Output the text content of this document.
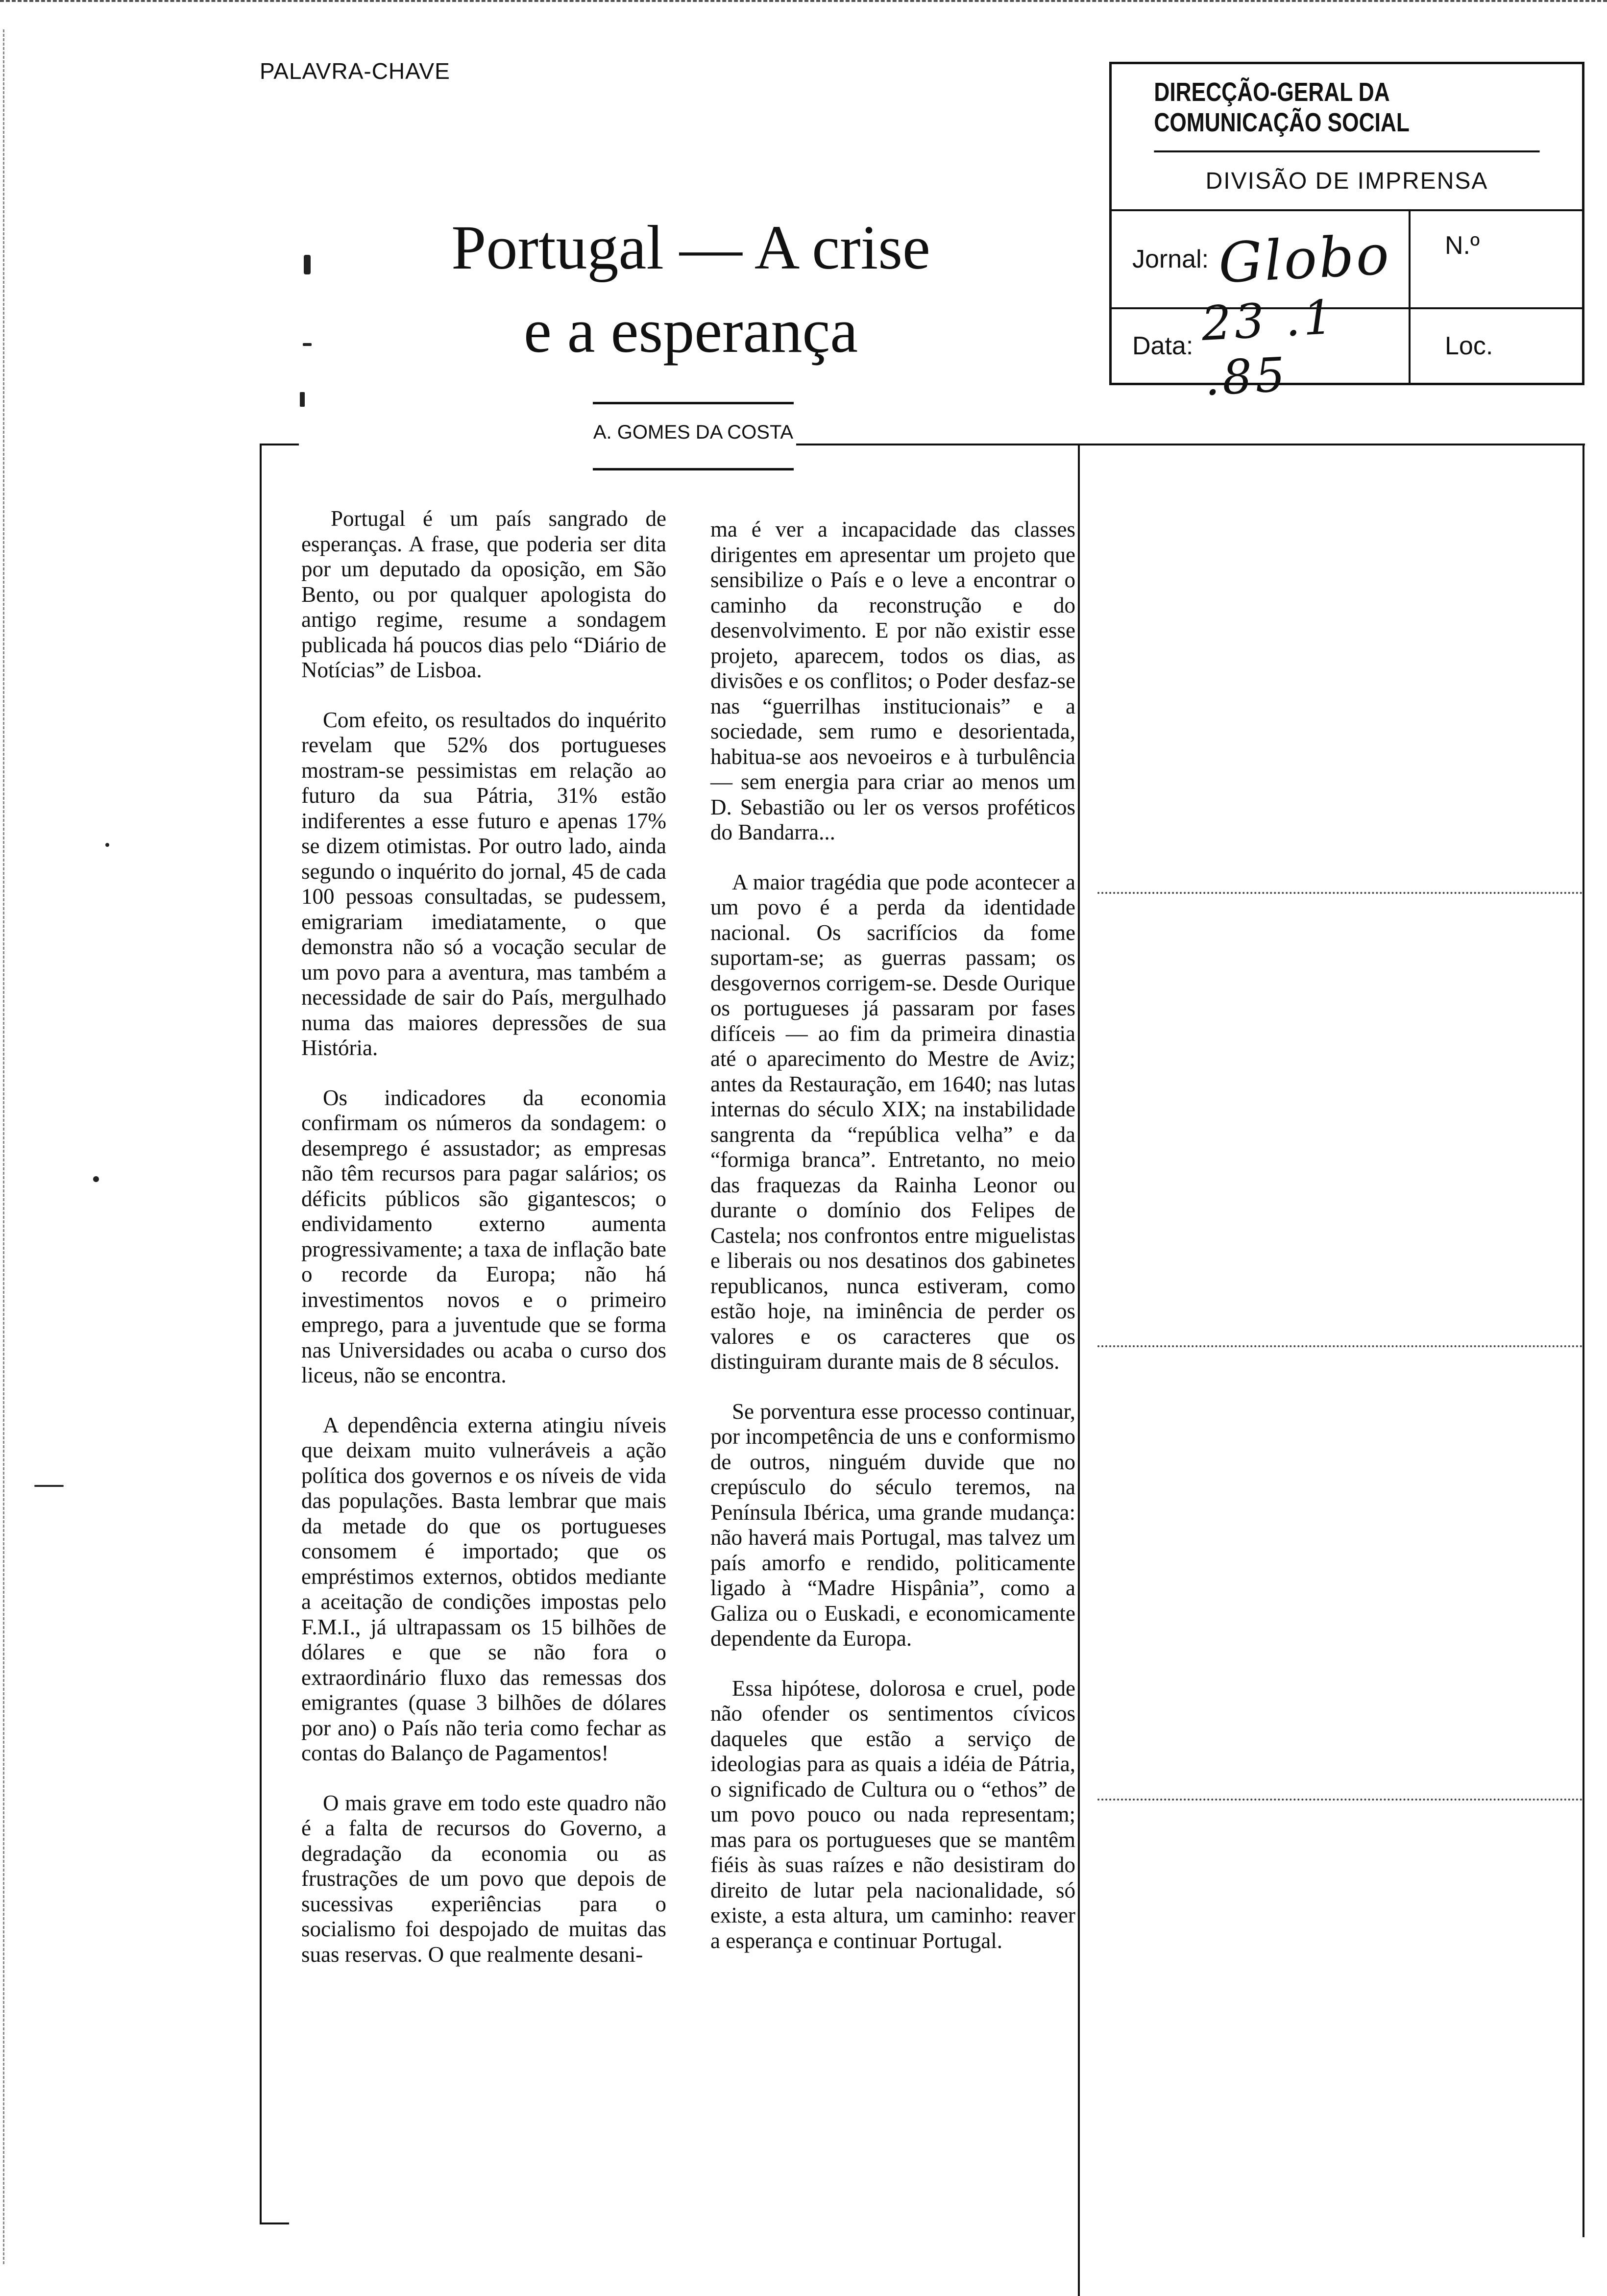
PALAVRA-CHAVE
DIRECÇÃO-GERAL DA COMUNICAÇÃO SOCIAL
DIVISÃO DE IMPRENSA
Jornal: Globo	N.º
Data: 23 .1 .85
Loc.
Portugal — A crise
e a esperança
A. GOMES DA COSTA

Portugal é um país sangrado de esperanças. A frase, que poderia ser dita por um deputado da oposição, em São Bento, ou por qualquer apologista do antigo regime, resume a sondagem publicada há poucos dias pelo “Diário de Notícias” de Lisboa.

Com efeito, os resultados do inquérito revelam que 52% dos portugueses mostram-se pessimistas em relação ao futuro da sua Pátria, 31% estão indiferentes a esse futuro e apenas 17% se dizem otimistas. Por outro lado, ainda segundo o inquérito do jornal, 45 de cada 100 pessoas consultadas, se pudessem, emigrariam imediatamente, o que demonstra não só a vocação secular de um povo para a aventura, mas também a necessidade de sair do País, mergulhado numa das maiores depressões de sua História.

Os indicadores da economia confirmam os números da sondagem: o desemprego é assustador; as empresas não têm recursos para pagar salários; os déficits públicos são gigantescos; o endividamento externo aumenta progressivamente; a taxa de inflação bate o recorde da Europa; não há investimentos novos e o primeiro emprego, para a juventude que se forma nas Universidades ou acaba o curso dos liceus, não se encontra.

A dependência externa atingiu níveis que deixam muito vulneráveis a ação política dos governos e os níveis de vida das populações. Basta lembrar que mais da metade do que os portugueses consomem é importado; que os empréstimos externos, obtidos mediante a aceitação de condições impostas pelo F.M.I., já ultrapassam os 15 bilhões de dólares e que se não fora o extraordinário fluxo das remessas dos emigrantes (quase 3 bilhões de dólares por ano) o País não teria como fechar as contas do Balanço de Pagamentos!

O mais grave em todo este quadro não é a falta de recursos do Governo, a degradação da economia ou as frustrações de um povo que depois de sucessivas experiências para o socialismo foi despojado de muitas das suas reservas. O que realmente desani-

ma é ver a incapacidade das classes dirigentes em apresentar um projeto que sensibilize o País e o leve a encontrar o caminho da reconstrução e do desenvolvimento. E por não existir esse projeto, aparecem, todos os dias, as divisões e os conflitos; o Poder desfaz-se nas “guerrilhas institucionais” e a sociedade, sem rumo e desorientada, habitua-se aos nevoeiros e à turbulência — sem energia para criar ao menos um D. Sebastião ou ler os versos proféticos do Bandarra...

A maior tragédia que pode acontecer a um povo é a perda da identidade nacional. Os sacrifícios da fome suportam-se; as guerras passam; os desgovernos corrigem-se. Desde Ourique os portugueses já passaram por fases difíceis — ao fim da primeira dinastia até o aparecimento do Mestre de Aviz; antes da Restauração, em 1640; nas lutas internas do século XIX; na instabilidade sangrenta da “república velha” e da “formiga branca”. Entretanto, no meio das fraquezas da Rainha Leonor ou durante o domínio dos Felipes de Castela; nos confrontos entre miguelistas e liberais ou nos desatinos dos gabinetes republicanos, nunca estiveram, como estão hoje, na iminência de perder os valores e os caracteres que os distinguiram durante mais de 8 séculos.

Se porventura esse processo continuar, por incompetência de uns e conformismo de outros, ninguém duvide que no crepúsculo do século teremos, na Península Ibérica, uma grande mudança: não haverá mais Portugal, mas talvez um país amorfo e rendido, politicamente ligado à “Madre Hispânia”, como a Galiza ou o Euskadi, e economicamente dependente da Europa.

Essa hipótese, dolorosa e cruel, pode não ofender os sentimentos cívicos daqueles que estão a serviço de ideologias para as quais a idéia de Pátria, o significado de Cultura ou o “ethos” de um povo pouco ou nada representam; mas para os portugueses que se mantêm fiéis às suas raízes e não desistiram do direito de lutar pela nacionalidade, só existe, a esta altura, um caminho: reaver a esperança e continuar Portugal.
